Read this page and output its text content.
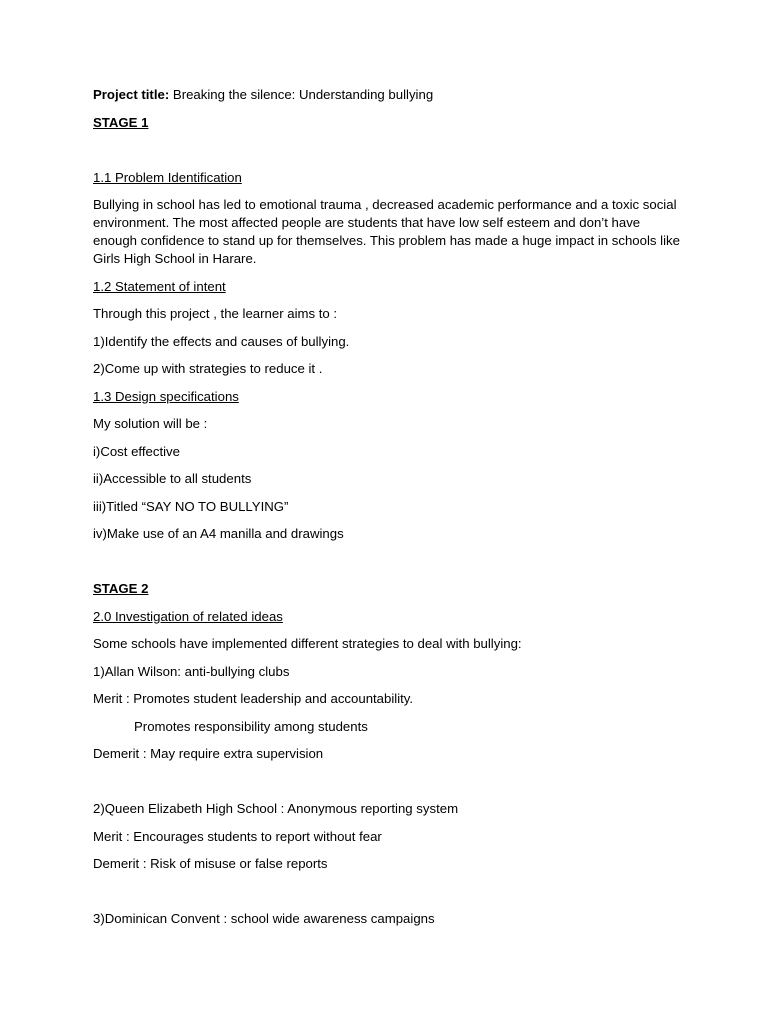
Project title: Breaking the silence: Understanding bullying

STAGE 1

1.1 Problem Identification

Bullying in school has led to emotional trauma , decreased academic performance and a toxic social environment. The most affected people are students that have low self esteem and don’t have enough confidence to stand up for themselves. This problem has made a huge impact in schools like Girls High School in Harare.

1.2 Statement of intent

Through this project , the learner aims to :

1)Identify the effects and causes of bullying.

2)Come up with strategies to reduce it .

1.3 Design specifications

My solution will be :

i)Cost effective

ii)Accessible to all students

iii)Titled “SAY NO TO BULLYING”

iv)Make use of an A4 manilla and drawings

STAGE 2

2.0 Investigation of related ideas

Some schools have implemented different strategies to deal with bullying:

1)Allan Wilson: anti-bullying clubs

Merit : Promotes student leadership and accountability.

Promotes responsibility among students

Demerit : May require extra supervision

2)Queen Elizabeth High School : Anonymous reporting system

Merit : Encourages students to report without fear

Demerit : Risk of misuse or false reports

3)Dominican Convent : school wide awareness campaigns
